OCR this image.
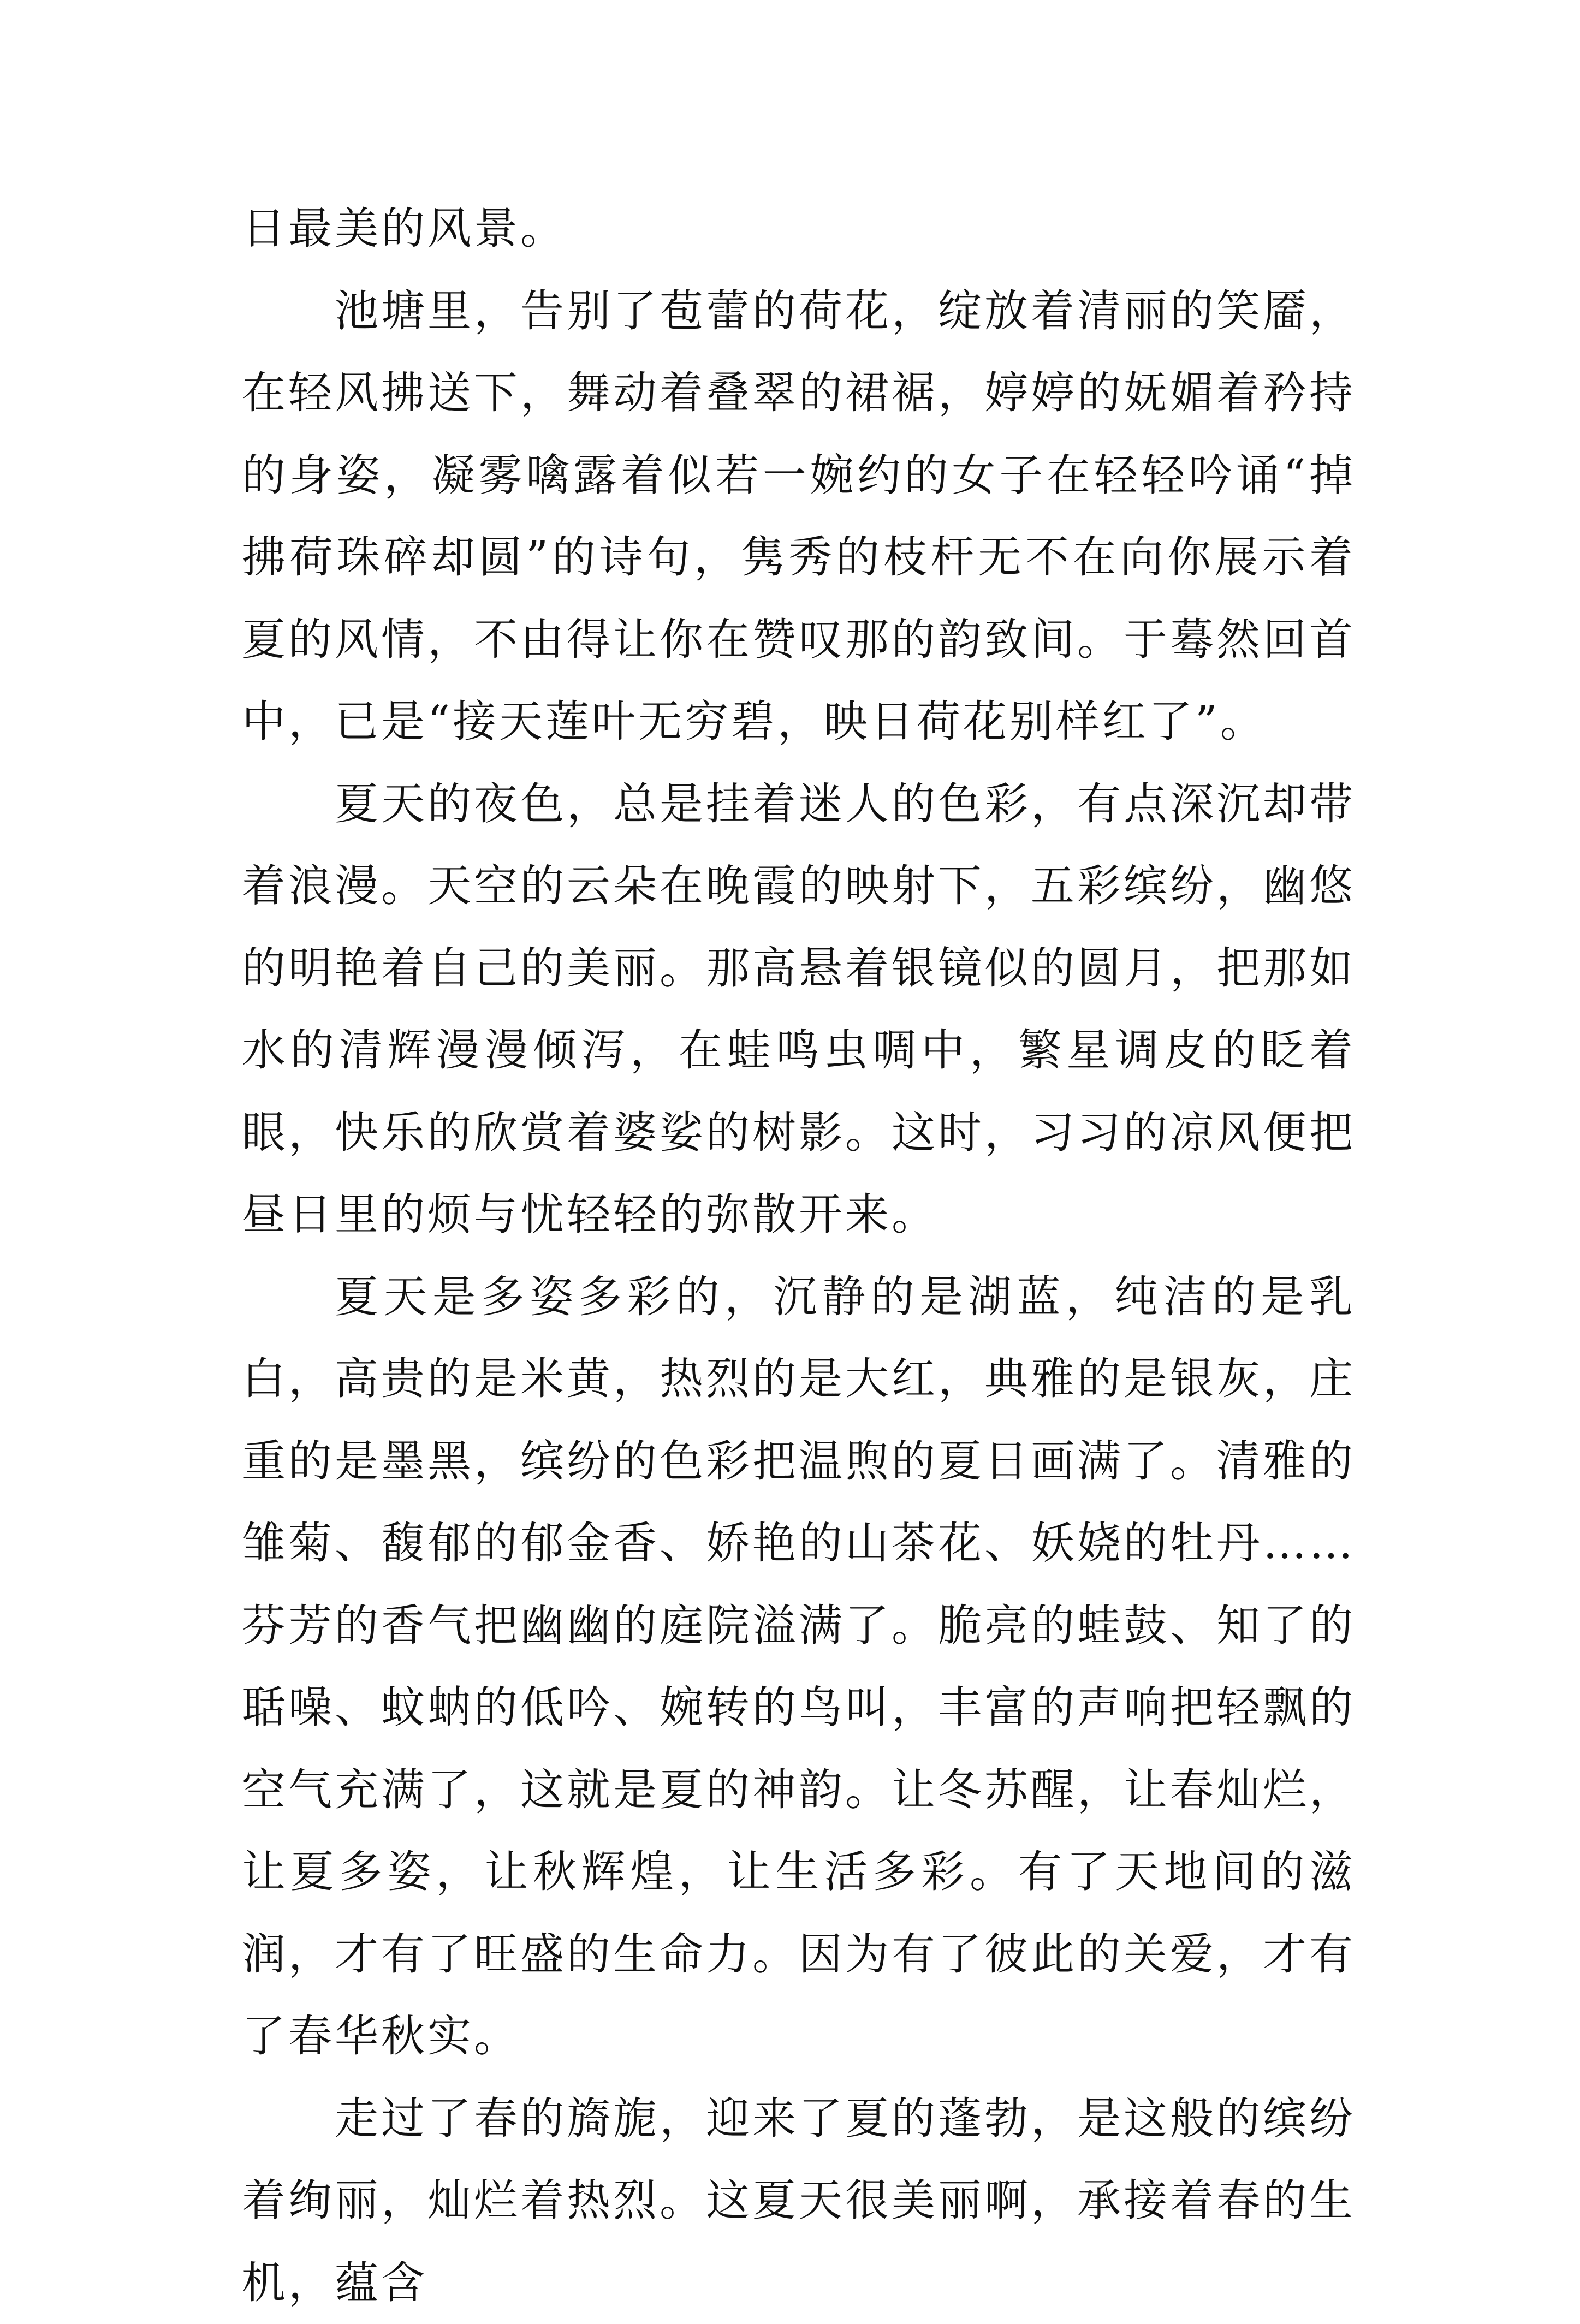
日最美的风景。

池塘里，告别了苞蕾的荷花，绽放着清丽的笑靥，在轻风拂送下，舞动着叠翠的裙裾，婷婷的妩媚着矜持的身姿，凝雾噙露着似若一婉约的女子在轻轻吟诵“掉拂荷珠碎却圆”的诗句，隽秀的枝杆无不在向你展示着夏的风情，不由得让你在赞叹那的韵致间。于蓦然回首中，已是“接天莲叶无穷碧，映日荷花别样红了”。

夏天的夜色，总是挂着迷人的色彩，有点深沉却带着浪漫。天空的云朵在晚霞的映射下，五彩缤纷，幽悠的明艳着自己的美丽。那高悬着银镜似的圆月，把那如水的清辉漫漫倾泻，在蛙鸣虫啁中，繁星调皮的眨着眼，快乐的欣赏着婆娑的树影。这时，习习的凉风便把昼日里的烦与忧轻轻的弥散开来。

夏天是多姿多彩的，沉静的是湖蓝，纯洁的是乳白，高贵的是米黄，热烈的是大红，典雅的是银灰，庄重的是墨黑，缤纷的色彩把温煦的夏日画满了。清雅的雏菊、馥郁的郁金香、娇艳的山茶花、妖娆的牡丹……芬芳的香气把幽幽的庭院溢满了。脆亮的蛙鼓、知了的聒噪、蚊蚋的低吟、婉转的鸟叫，丰富的声响把轻飘的空气充满了，这就是夏的神韵。让冬苏醒，让春灿烂，让夏多姿，让秋辉煌，让生活多彩。有了天地间的滋润，才有了旺盛的生命力。因为有了彼此的关爱，才有了春华秋实。

走过了春的旖旎，迎来了夏的蓬勃，是这般的缤纷着绚丽，灿烂着热烈。这夏天很美丽啊，承接着春的生机，蕴含
